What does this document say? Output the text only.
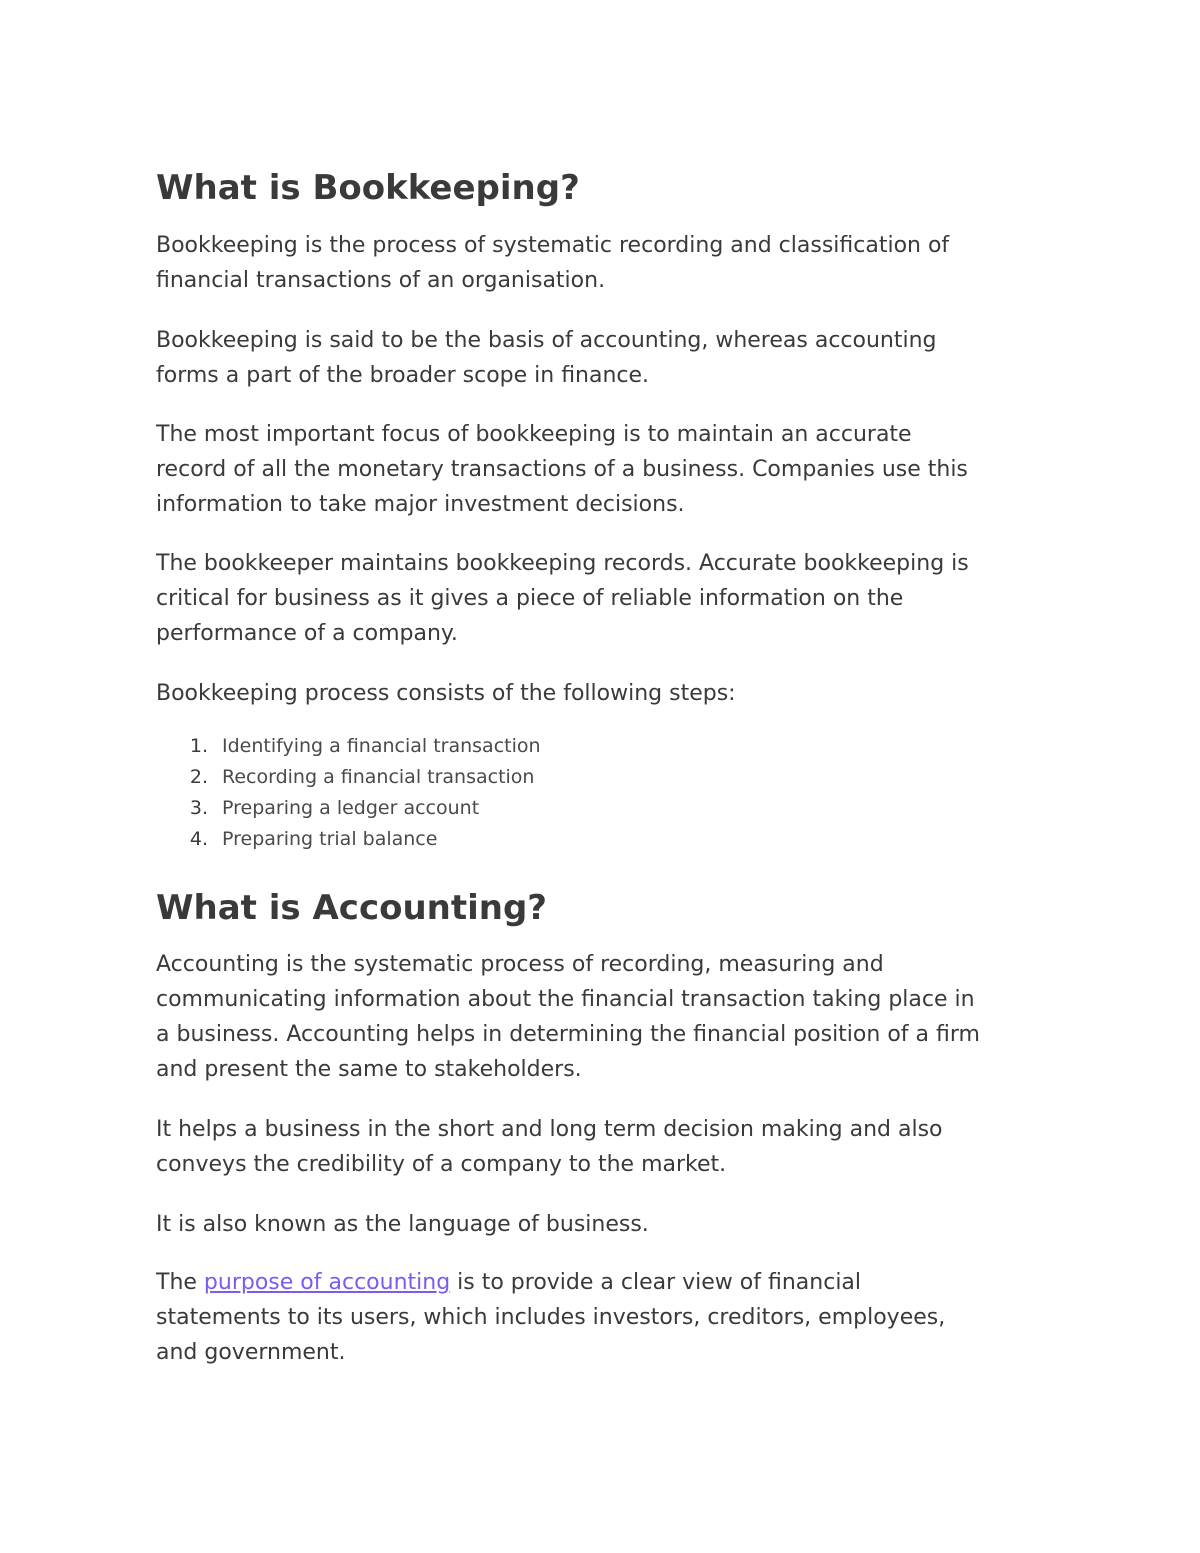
What is Bookkeeping?

Bookkeeping is the process of systematic recording and classification of
financial transactions of an organisation.

Bookkeeping is said to be the basis of accounting, whereas accounting
forms a part of the broader scope in finance.

The most important focus of bookkeeping is to maintain an accurate
record of all the monetary transactions of a business. Companies use this
information to take major investment decisions.

The bookkeeper maintains bookkeeping records. Accurate bookkeeping is
critical for business as it gives a piece of reliable information on the
performance of a company.

Bookkeeping process consists of the following steps:

1. Identifying a financial transaction
2. Recording a financial transaction
3. Preparing a ledger account
4. Preparing trial balance
What is Accounting?

Accounting is the systematic process of recording, measuring and
communicating information about the financial transaction taking place in
a business. Accounting helps in determining the financial position of a firm
and present the same to stakeholders.

It helps a business in the short and long term decision making and also
conveys the credibility of a company to the market.

It is also known as the language of business.

The purpose of accounting is to provide a clear view of financial
statements to its users, which includes investors, creditors, employees,
and government.
